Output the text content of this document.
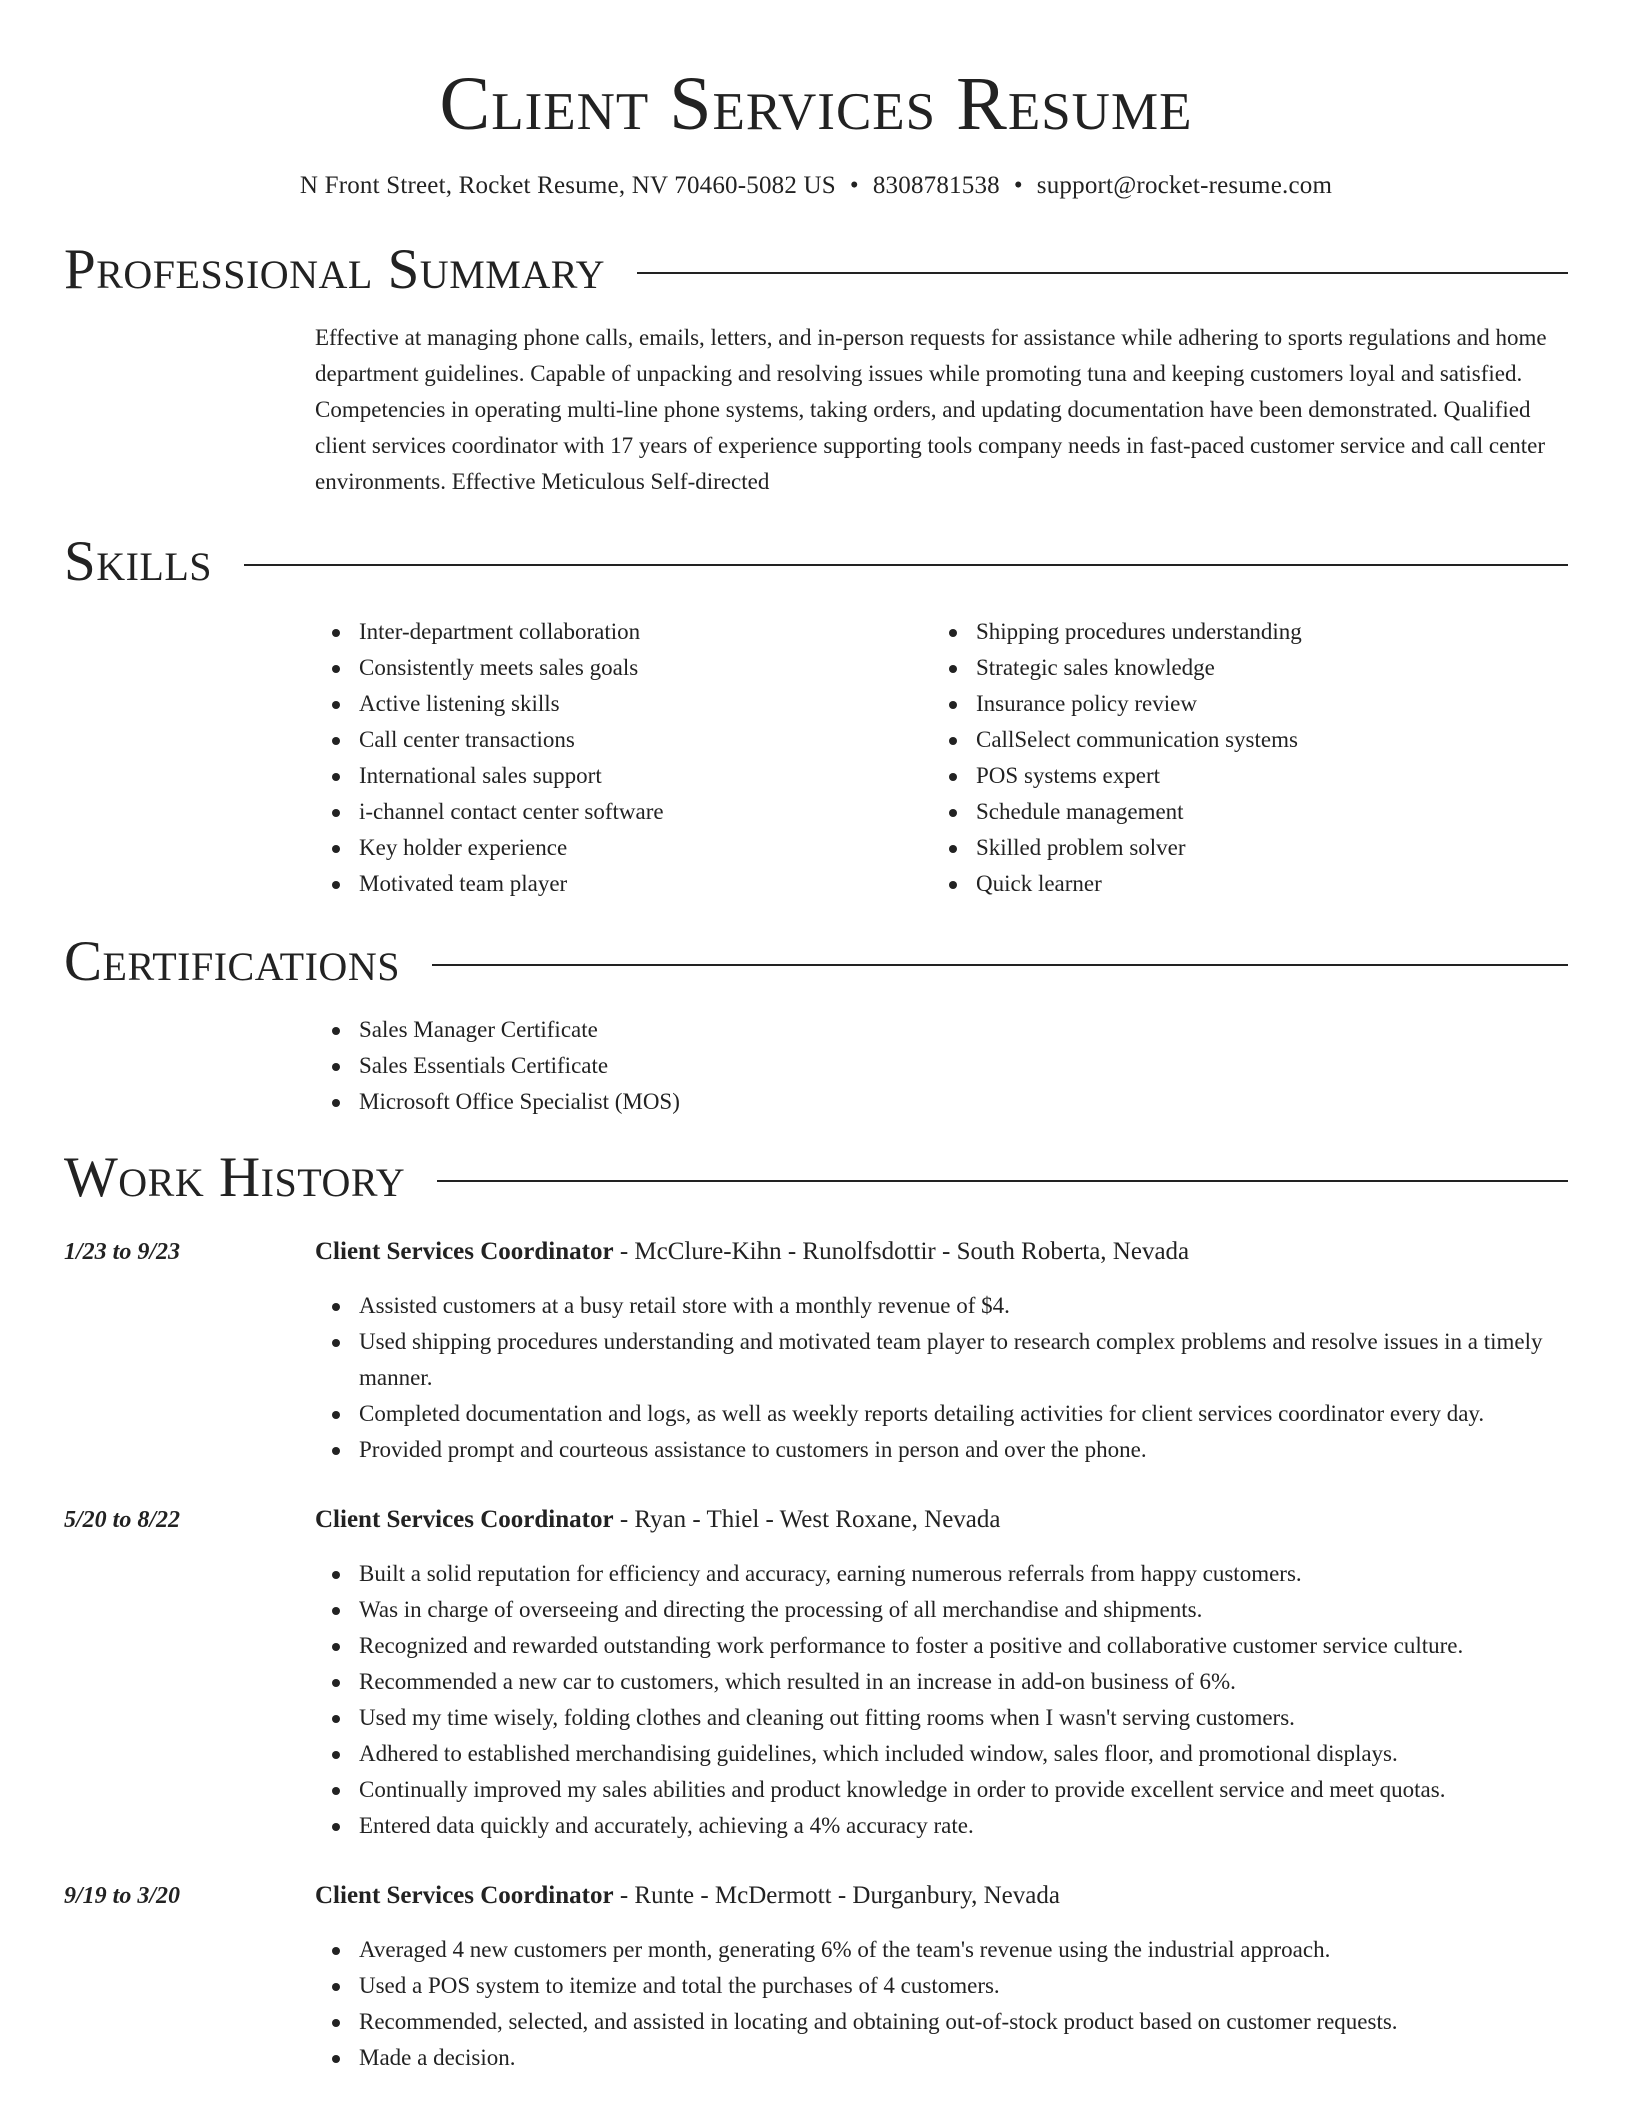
Client Services Resume
N Front Street, Rocket Resume, NV 70460-5082 US • 8308781538 • support@rocket-resume.com
Professional Summary

Effective at managing phone calls, emails, letters, and in-person requests for assistance while adhering to sports regulations and home department guidelines. Capable of unpacking and resolving issues while promoting tuna and keeping customers loyal and satisfied. Competencies in operating multi-line phone systems, taking orders, and updating documentation have been demonstrated. Qualified client services coordinator with 17 years of experience supporting tools company needs in fast-paced customer service and call center environments. Effective Meticulous Self-directed

Skills
Inter-department collaboration
Consistently meets sales goals
Active listening skills
Call center transactions
International sales support
i-channel contact center software
Key holder experience
Motivated team player
Shipping procedures understanding
Strategic sales knowledge
Insurance policy review
CallSelect communication systems
POS systems expert
Schedule management
Skilled problem solver
Quick learner
Certifications
Sales Manager Certificate
Sales Essentials Certificate
Microsoft Office Specialist (MOS)
Work History
1/23 to 9/23	Client Services Coordinator - McClure-Kihn - Runolfsdottir - South Roberta, Nevada
Assisted customers at a busy retail store with a monthly revenue of $4.
Used shipping procedures understanding and motivated team player to research complex problems and resolve issues in a timely manner.
Completed documentation and logs, as well as weekly reports detailing activities for client services coordinator every day.
Provided prompt and courteous assistance to customers in person and over the phone.
5/20 to 8/22	Client Services Coordinator - Ryan - Thiel - West Roxane, Nevada
Built a solid reputation for efficiency and accuracy, earning numerous referrals from happy customers.
Was in charge of overseeing and directing the processing of all merchandise and shipments.
Recognized and rewarded outstanding work performance to foster a positive and collaborative customer service culture.
Recommended a new car to customers, which resulted in an increase in add-on business of 6%.
Used my time wisely, folding clothes and cleaning out fitting rooms when I wasn't serving customers.
Adhered to established merchandising guidelines, which included window, sales floor, and promotional displays.
Continually improved my sales abilities and product knowledge in order to provide excellent service and meet quotas.
Entered data quickly and accurately, achieving a 4% accuracy rate.
9/19 to 3/20	Client Services Coordinator - Runte - McDermott - Durganbury, Nevada
Averaged 4 new customers per month, generating 6% of the team's revenue using the industrial approach.
Used a POS system to itemize and total the purchases of 4 customers.
Recommended, selected, and assisted in locating and obtaining out-of-stock product based on customer requests.
Made a decision.
